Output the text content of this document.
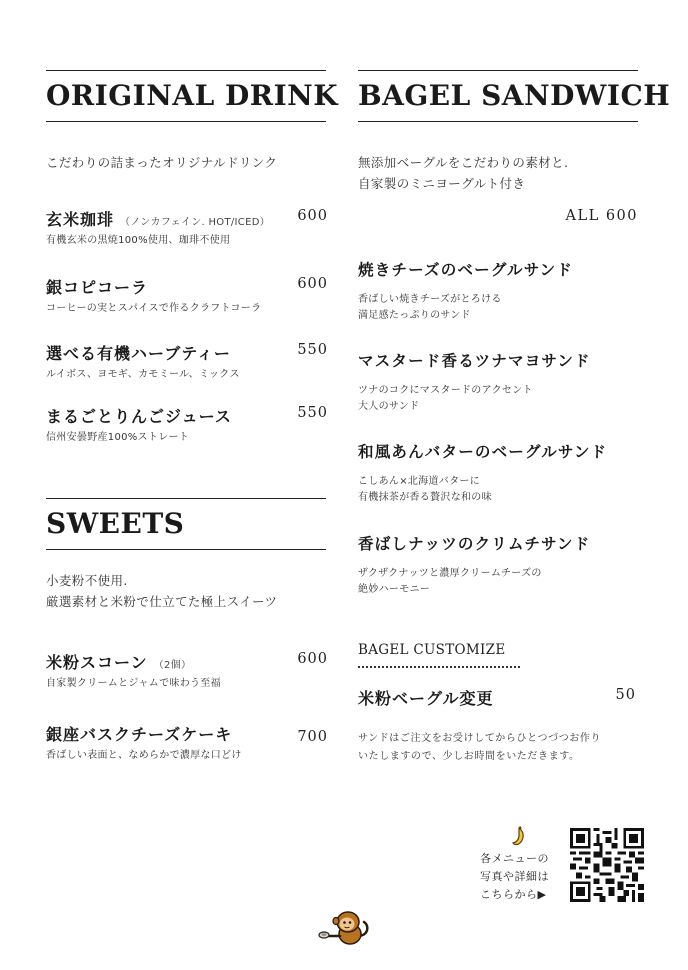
ORIGINAL DRINK
こだわりの詰まったオリジナルドリンク
玄米珈琲 （ノンカフェイン. HOT/ICED）	600
有機玄米の黒焼100%使用、珈琲不使用
銀コピコーラ	600
コーヒーの実とスパイスで作るクラフトコーラ
選べる有機ハーブティー	550
ルイボス、ヨモギ、カモミール、ミックス
まるごとりんごジュース	550
信州安曇野産100%ストレート
SWEETS
小麦粉不使用.
厳選素材と米粉で仕立てた極上スイーツ
米粉スコーン （2個）	600
自家製クリームとジャムで味わう至福
銀座バスクチーズケーキ	700
香ばしい表面と、なめらかで濃厚な口どけ
BAGEL SANDWICH
無添加ベーグルをこだわりの素材と.
自家製のミニヨーグルト付き
ALL 600
焼きチーズのベーグルサンド
香ばしい焼きチーズがとろける
満足感たっぷりのサンド
マスタード香るツナマヨサンド
ツナのコクにマスタードのアクセント
大人のサンド
和風あんバターのベーグルサンド
こしあん×北海道バターに
有機抹茶が香る贅沢な和の味
香ばしナッツのクリムチサンド
ザクザクナッツと濃厚クリームチーズの
絶妙ハーモニー
BAGEL CUSTOMIZE
米粉ベーグル変更	50
サンドはご注文をお受けしてからひとつづつお作り
いたしますので、少しお時間をいただきます。
各メニューの
写真や詳細は
こちらから▶
